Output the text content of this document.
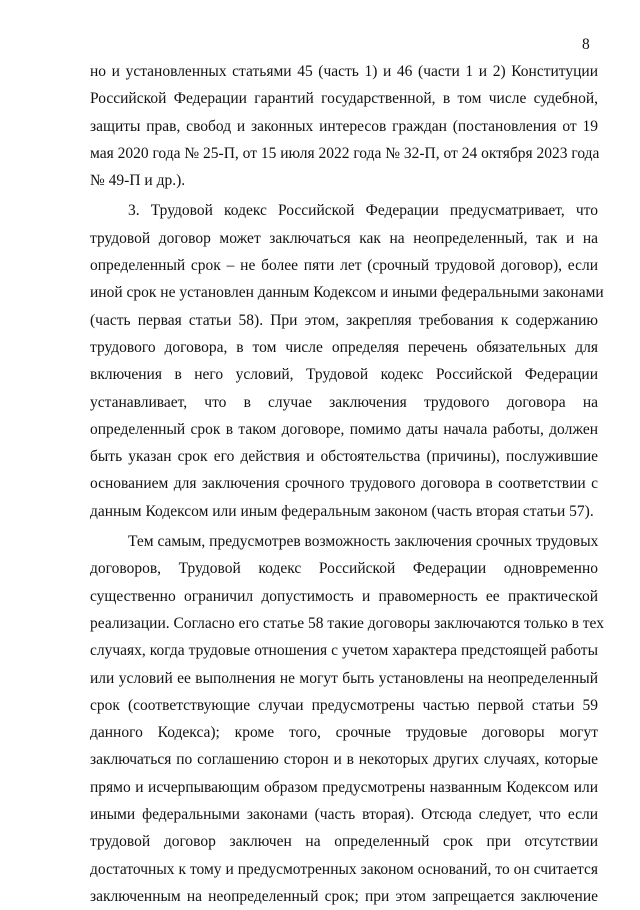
8
но и установленных статьями 45 (часть 1) и 46 (части 1 и 2) Конституции
Российской Федерации гарантий государственной, в том числе судебной,
защиты прав, свобод и законных интересов граждан (постановления от 19
мая 2020 года № 25-П, от 15 июля 2022 года № 32-П, от 24 октября 2023 года
№ 49-П и др.).
3. Трудовой кодекс Российской Федерации предусматривает, что
трудовой договор может заключаться как на неопределенный, так и на
определенный срок – не более пяти лет (срочный трудовой договор), если
иной срок не установлен данным Кодексом и иными федеральными законами
(часть первая статьи 58). При этом, закрепляя требования к содержанию
трудового договора, в том числе определяя перечень обязательных для
включения в него условий, Трудовой кодекс Российской Федерации
устанавливает, что в случае заключения трудового договора на
определенный срок в таком договоре, помимо даты начала работы, должен
быть указан срок его действия и обстоятельства (причины), послужившие
основанием для заключения срочного трудового договора в соответствии с
данным Кодексом или иным федеральным законом (часть вторая статьи 57).
Тем самым, предусмотрев возможность заключения срочных трудовых
договоров, Трудовой кодекс Российской Федерации одновременно
существенно ограничил допустимость и правомерность ее практической
реализации. Согласно его статье 58 такие договоры заключаются только в тех
случаях, когда трудовые отношения с учетом характера предстоящей работы
или условий ее выполнения не могут быть установлены на неопределенный
срок (соответствующие случаи предусмотрены частью первой статьи 59
данного Кодекса); кроме того, срочные трудовые договоры могут
заключаться по соглашению сторон и в некоторых других случаях, которые
прямо и исчерпывающим образом предусмотрены названным Кодексом или
иными федеральными законами (часть вторая). Отсюда следует, что если
трудовой договор заключен на определенный срок при отсутствии
достаточных к тому и предусмотренных законом оснований, то он считается
заключенным на неопределенный срок; при этом запрещается заключение
